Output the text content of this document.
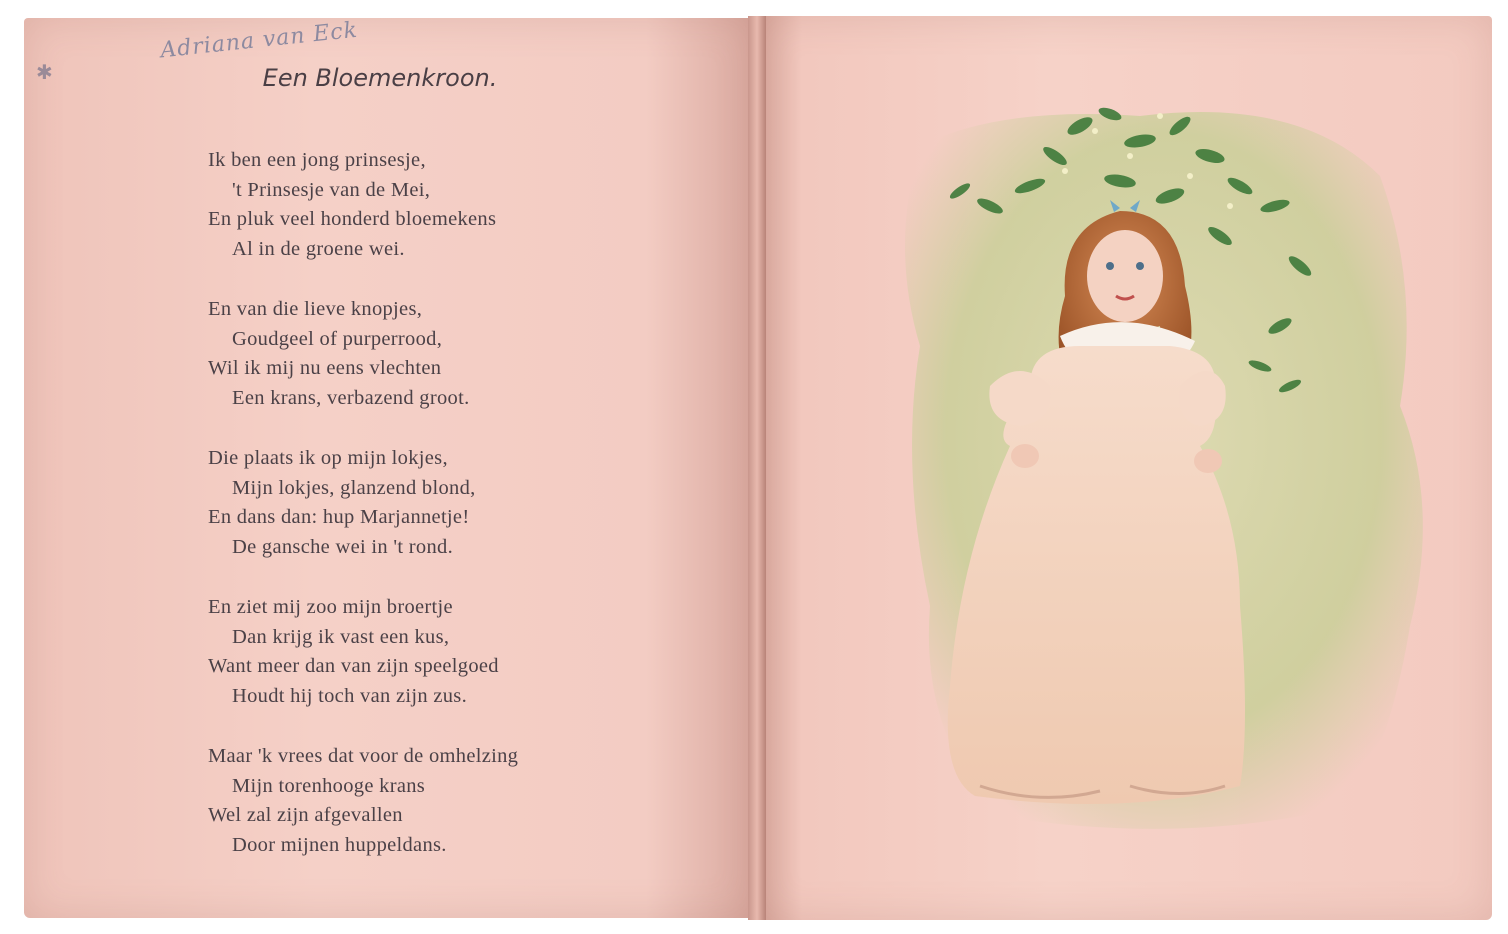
Adriana van Eck
✱	Een Bloemenkroon.
Ik ben een jong prinsesje,
't Prinsesje van de Mei,
En pluk veel honderd bloemekens
Al in de groene wei.
En van die lieve knopjes,
Goudgeel of purperrood,
Wil ik mij nu eens vlechten
Een krans, verbazend groot.
Die plaats ik op mijn lokjes,
Mijn lokjes, glanzend blond,
En dans dan: hup Marjannetje!
De gansche wei in 't rond.
En ziet mij zoo mijn broertje
Dan krijg ik vast een kus,
Want meer dan van zijn speelgoed
Houdt hij toch van zijn zus.
Maar 'k vrees dat voor de omhelzing
Mijn torenhooge krans
Wel zal zijn afgevallen
Door mijnen huppeldans.
